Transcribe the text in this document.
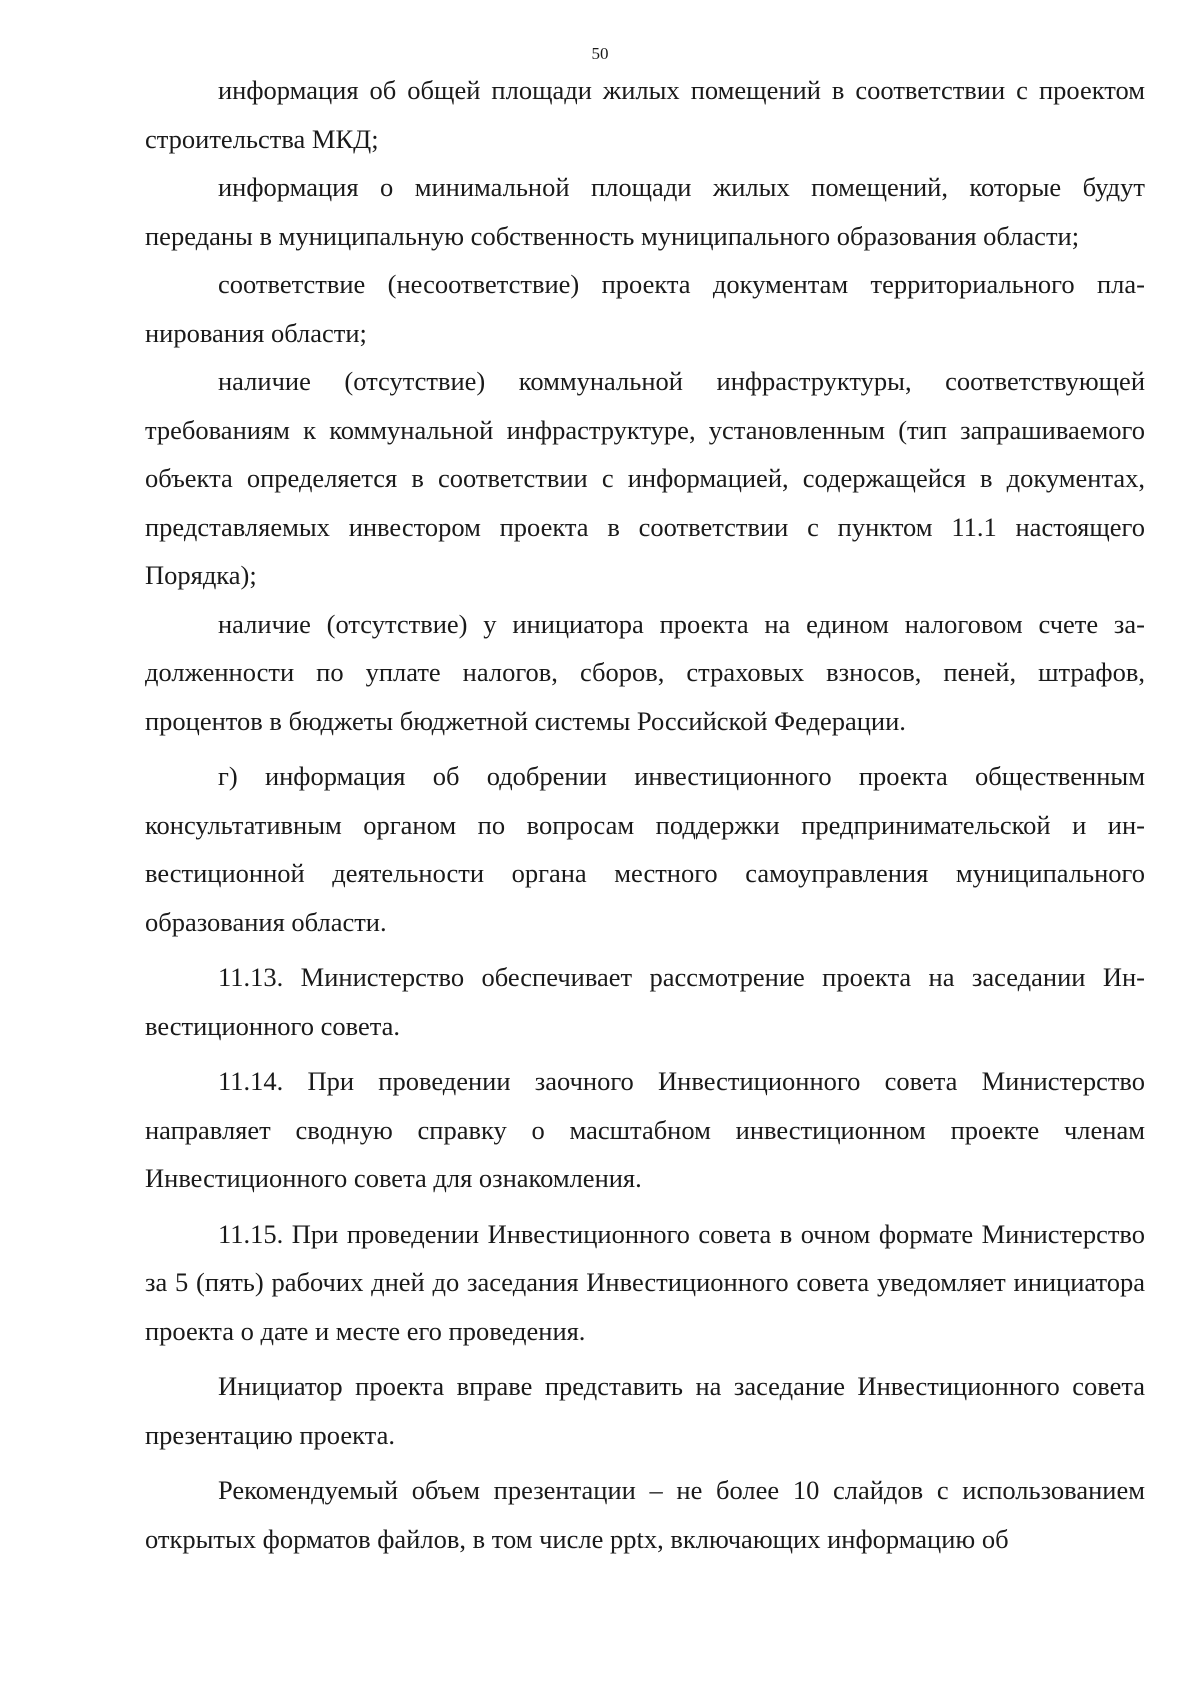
50

информация об общей площади жилых помещений в соответствии с проектом строительства МКД;

информация о минимальной площади жилых помещений, которые будут переданы в муниципальную собственность муниципального образования области;

соответствие (несоответствие) проекта документам территориального планирования области;

наличие (отсутствие) коммунальной инфраструктуры, соответствующей требованиям к коммунальной инфраструктуре, установленным (тип запрашиваемого объекта определяется в соответствии с информацией, содержащейся в документах, представляемых инвестором проекта в соответствии с пунктом 11.1 настоящего Порядка);

наличие (отсутствие) у инициатора проекта на едином налоговом счете задолженности по уплате налогов, сборов, страховых взносов, пеней, штрафов, процентов в бюджеты бюджетной системы Российской Федерации.

г) информация об одобрении инвестиционного проекта общественным консультативным органом по вопросам поддержки предпринимательской и инвестиционной деятельности органа местного самоуправления муниципального образования области.

11.13. Министерство обеспечивает рассмотрение проекта на заседании Инвестиционного совета.

11.14. При проведении заочного Инвестиционного совета Министерство направляет сводную справку о масштабном инвестиционном проекте членам Инвестиционного совета для ознакомления.

11.15. При проведении Инвестиционного совета в очном формате Министерство за 5 (пять) рабочих дней до заседания Инвестиционного совета уведомляет инициатора проекта о дате и месте его проведения.

Инициатор проекта вправе представить на заседание Инвестиционного совета презентацию проекта.

Рекомендуемый объем презентации – не более 10 слайдов с использованием открытых форматов файлов, в том числе pptx, включающих информацию об
